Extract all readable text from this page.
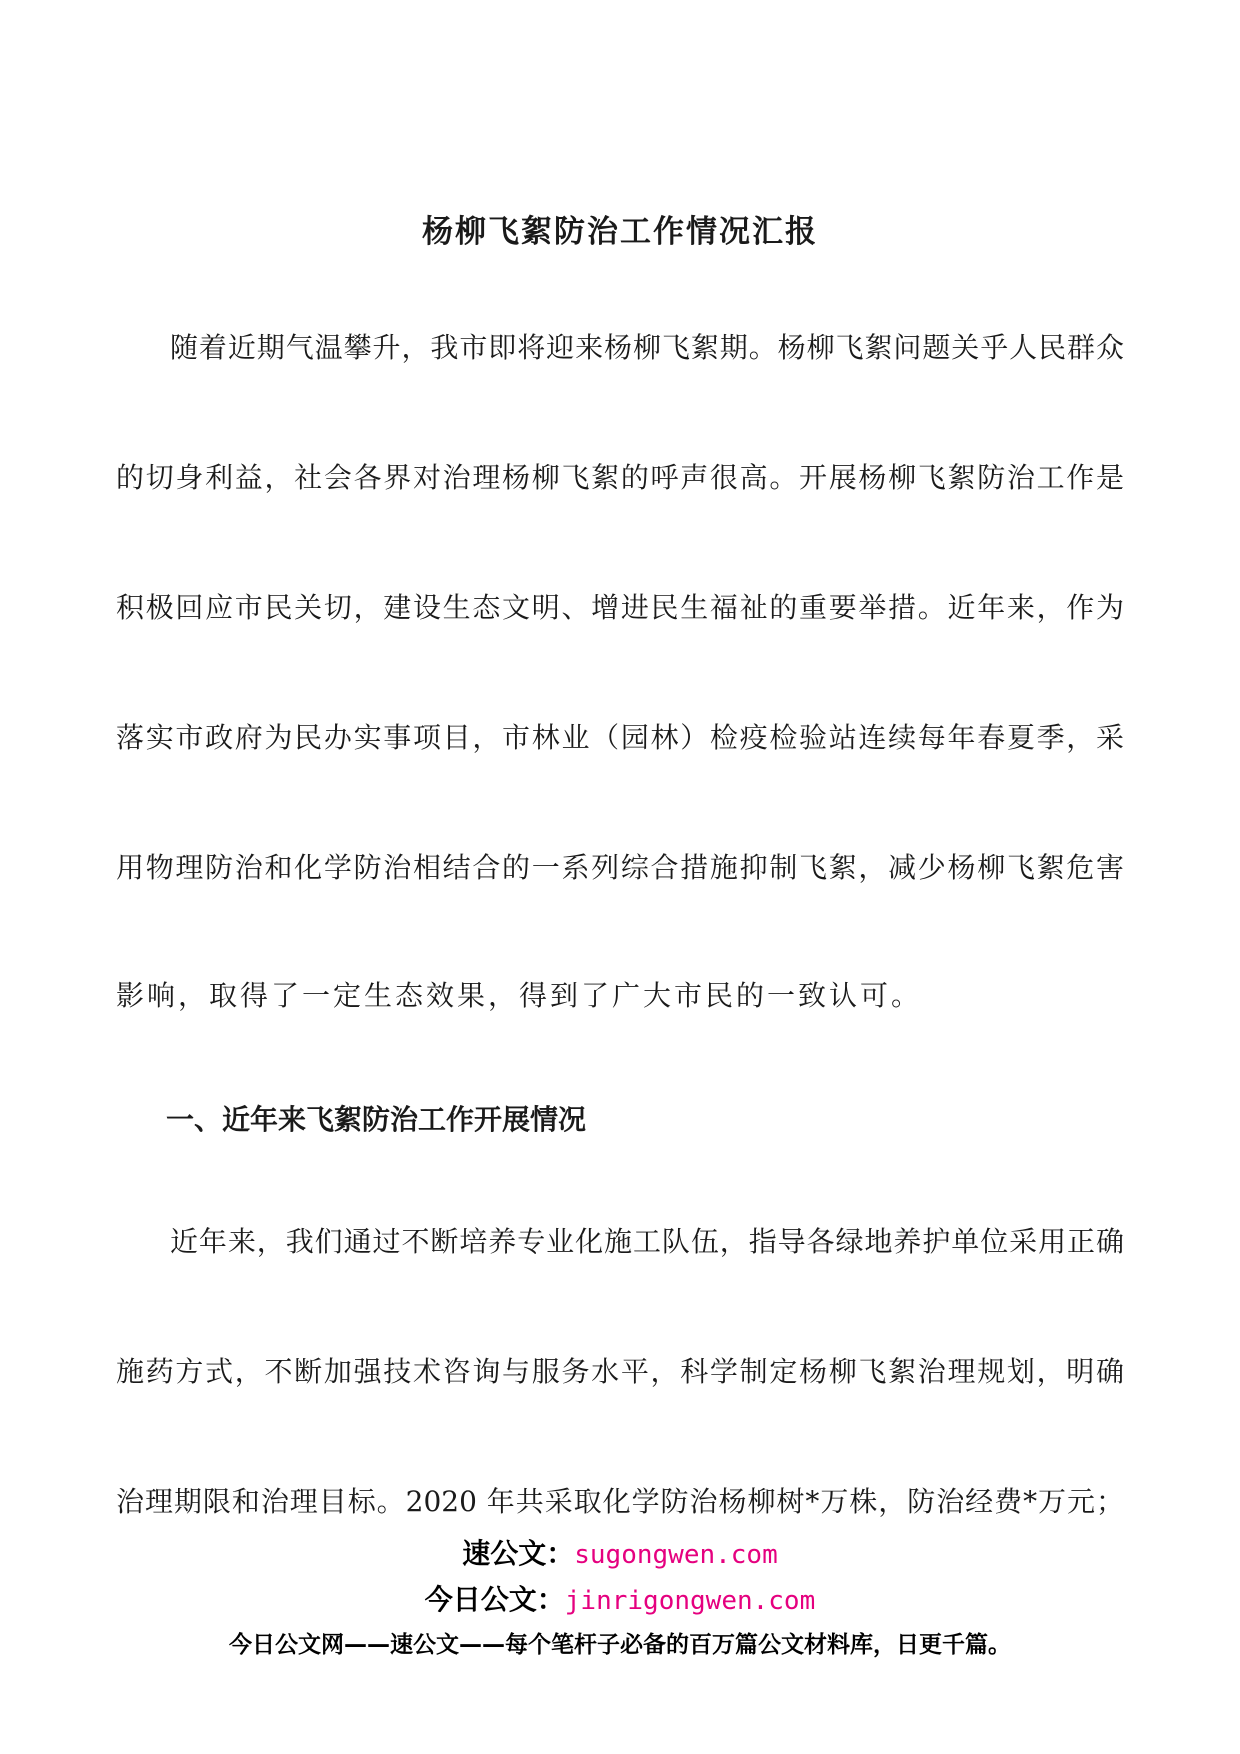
杨柳飞絮防治工作情况汇报

随着近期气温攀升，我市即将迎来杨柳飞絮期。杨柳飞絮问题关乎人民群众

的切身利益，社会各界对治理杨柳飞絮的呼声很高。开展杨柳飞絮防治工作是

积极回应市民关切，建设生态文明、增进民生福祉的重要举措。近年来，作为

落实市政府为民办实事项目，市林业（园林）检疫检验站连续每年春夏季，采

用物理防治和化学防治相结合的一系列综合措施抑制飞絮，减少杨柳飞絮危害

影响，取得了一定生态效果，得到了广大市民的一致认可。

一、近年来飞絮防治工作开展情况

近年来，我们通过不断培养专业化施工队伍，指导各绿地养护单位采用正确

施药方式，不断加强技术咨询与服务水平，科学制定杨柳飞絮治理规划，明确

治理期限和治理目标。2020 年共采取化学防治杨柳树*万株，防治经费*万元；

速公文：sugongwen.com

今日公文：jinrigongwen.com

今日公文网——速公文——每个笔杆子必备的百万篇公文材料库，日更千篇。
